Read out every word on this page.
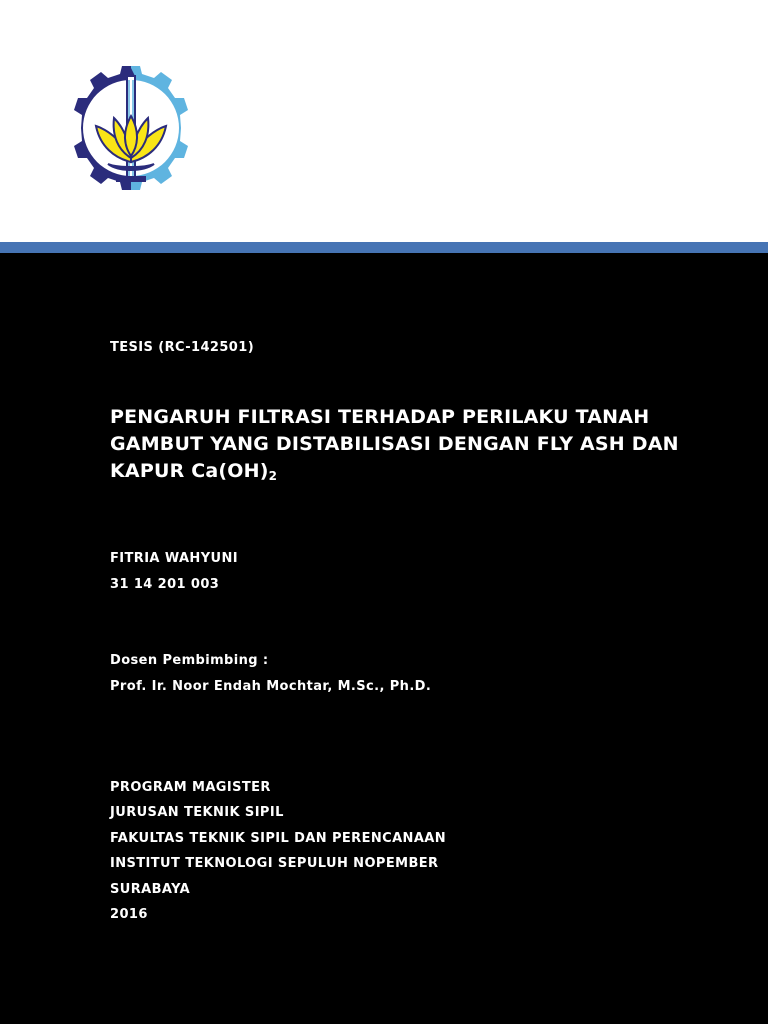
TESIS (RC-142501)

PENGARUH FILTRASI TERHADAP PERILAKU TANAH GAMBUT YANG DISTABILISASI DENGAN FLY ASH DAN KAPUR $Ca(OH)_2$

FITRIA WAHYUNI

31 14 201 003

Dosen Pembimbing :

Prof. Ir. Noor Endah Mochtar, M.Sc., Ph.D.

PROGRAM MAGISTER

JURUSAN TEKNIK SIPIL

FAKULTAS TEKNIK SIPIL DAN PERENCANAAN

INSTITUT TEKNOLOGI SEPULUH NOPEMBER

SURABAYA

2016
